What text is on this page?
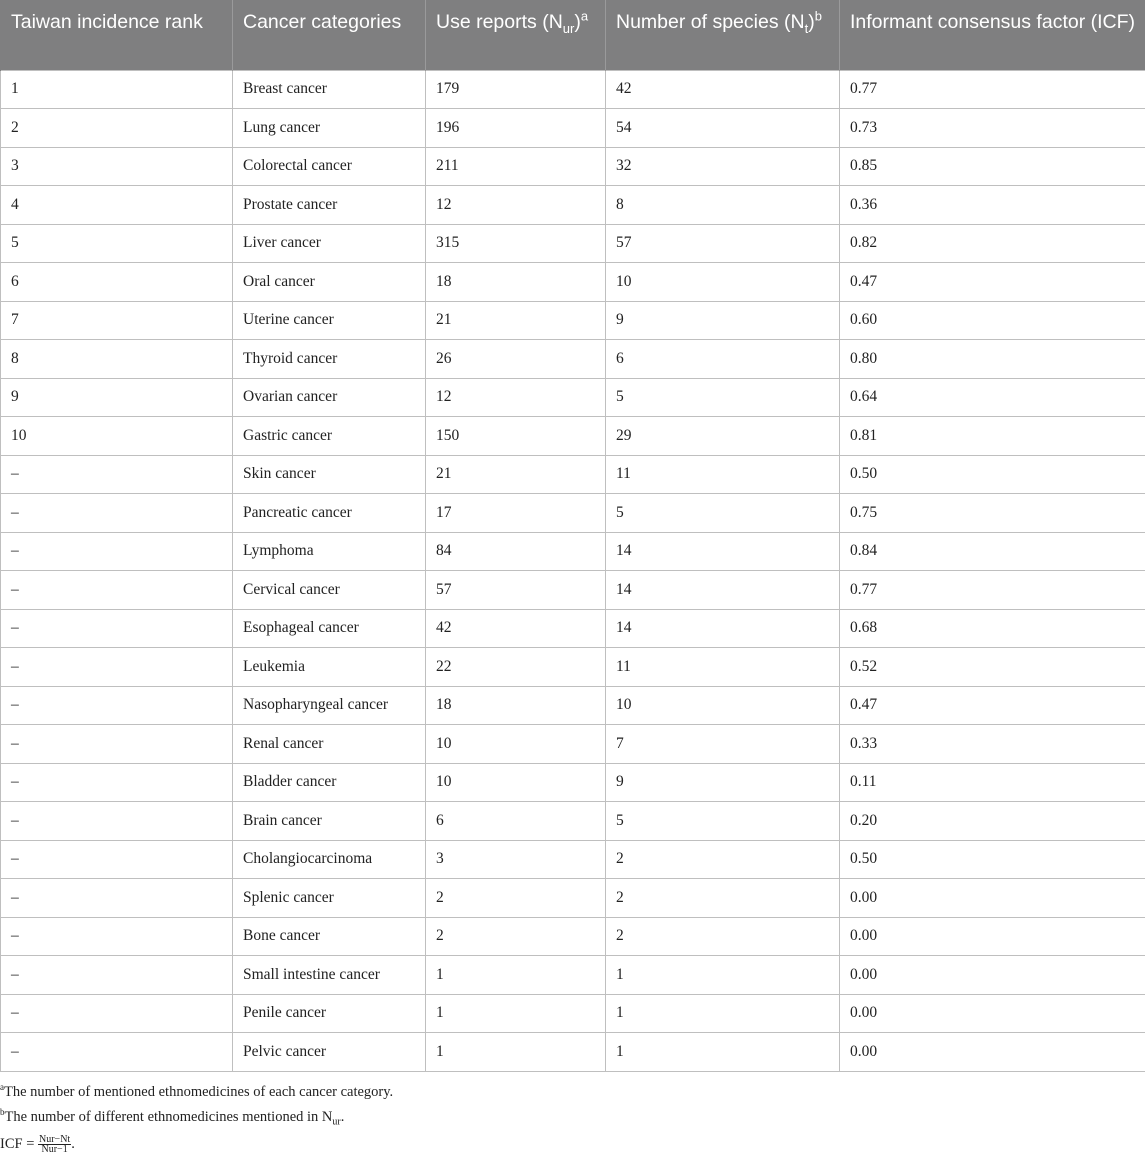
Taiwan incidence rank	Cancer categories	Use reports $(N_{ur})^a$	Number of species $(N_t)^b$	Informant consensus factor (ICF)
1	Breast cancer	179	42	0.77
2	Lung cancer	196	54	0.73
3	Colorectal cancer	211	32	0.85
4	Prostate cancer	12	8	0.36
5	Liver cancer	315	57	0.82
6	Oral cancer	18	10	0.47
7	Uterine cancer	21	9	0.60
8	Thyroid cancer	26	6	0.80
9	Ovarian cancer	12	5	0.64
10	Gastric cancer	150	29	0.81
–	Skin cancer	21	11	0.50
–	Pancreatic cancer	17	5	0.75
–	Lymphoma	84	14	0.84
–	Cervical cancer	57	14	0.77
–	Esophageal cancer	42	14	0.68
–	Leukemia	22	11	0.52
–	Nasopharyngeal cancer	18	10	0.47
–	Renal cancer	10	7	0.33
–	Bladder cancer	10	9	0.11
–	Brain cancer	6	5	0.20
–	Cholangiocarcinoma	3	2	0.50
–	Splenic cancer	2	2	0.00
–	Bone cancer	2	2	0.00
–	Small intestine cancer	1	1	0.00
–	Penile cancer	1	1	0.00
–	Pelvic cancer	1	1	0.00
$^a$The number of mentioned ethnomedicines of each cancer category.
$^b$The number of different ethnomedicines mentioned in $N_{ur}$.
ICF = $\frac{\text{Nur−Nt}}{\text{Nur−1}}$ .
